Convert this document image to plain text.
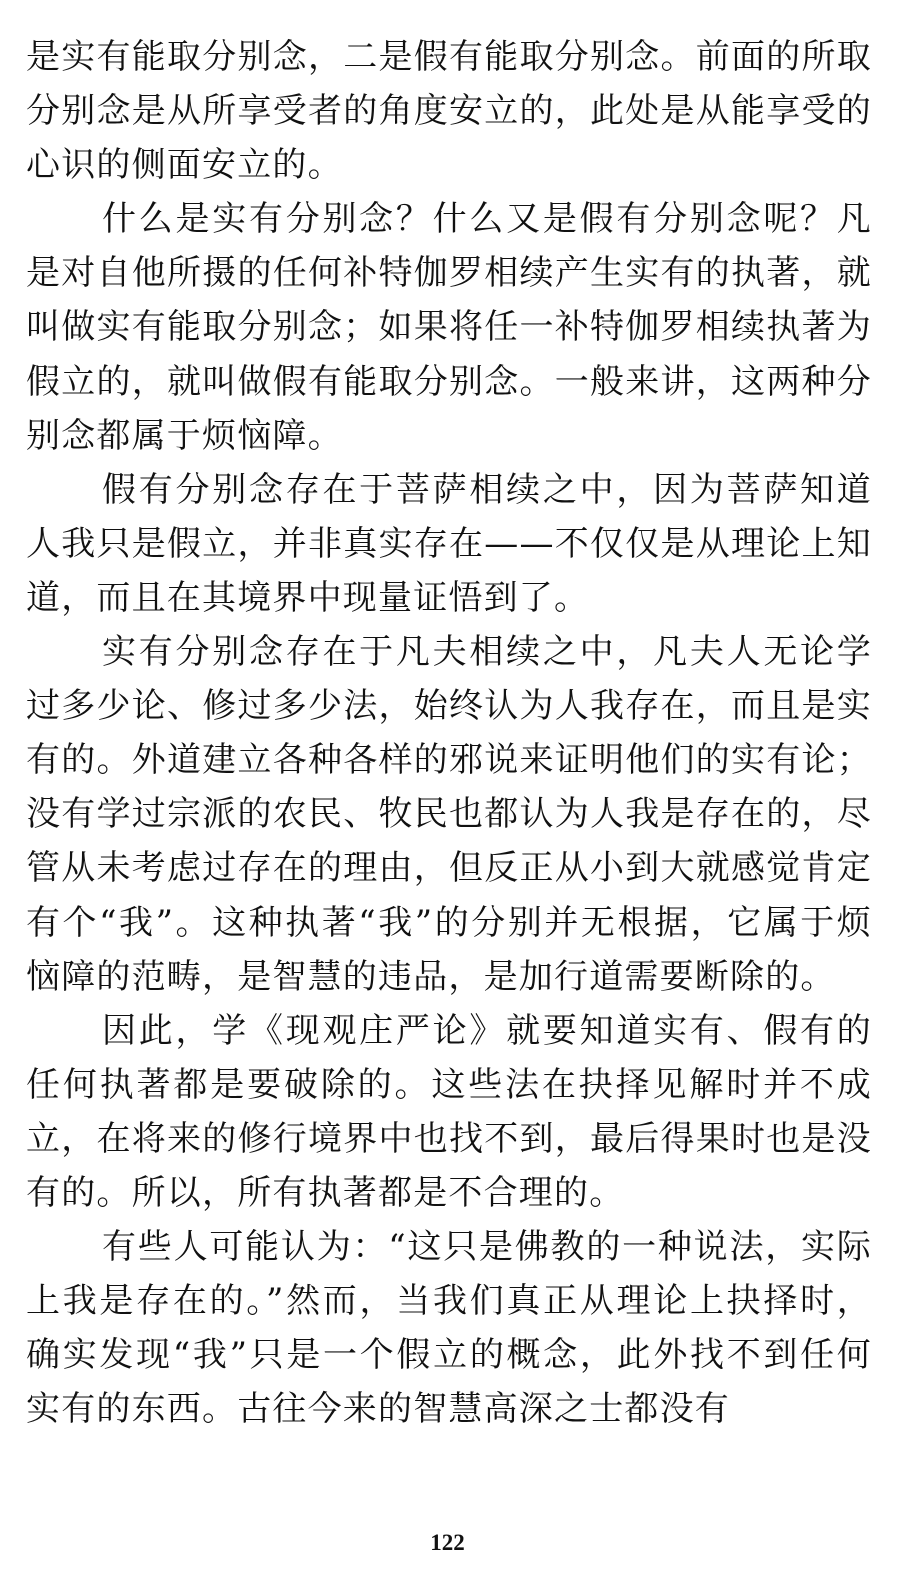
是实有能取分别念，二是假有能取分别念。前面的所取分别念是从所享受者的角度安立的，此处是从能享受的心识的侧面安立的。

什么是实有分别念？什么又是假有分别念呢？凡是对自他所摄的任何补特伽罗相续产生实有的执著，就叫做实有能取分别念；如果将任一补特伽罗相续执著为假立的，就叫做假有能取分别念。一般来讲，这两种分别念都属于烦恼障。

假有分别念存在于菩萨相续之中，因为菩萨知道人我只是假立，并非真实存在——不仅仅是从理论上知道，而且在其境界中现量证悟到了。

实有分别念存在于凡夫相续之中，凡夫人无论学过多少论、修过多少法，始终认为人我存在，而且是实有的。外道建立各种各样的邪说来证明他们的实有论；没有学过宗派的农民、牧民也都认为人我是存在的，尽管从未考虑过存在的理由，但反正从小到大就感觉肯定有个“我”。这种执著“我”的分别并无根据，它属于烦恼障的范畴，是智慧的违品，是加行道需要断除的。

因此，学《现观庄严论》就要知道实有、假有的任何执著都是要破除的。这些法在抉择见解时并不成立，在将来的修行境界中也找不到，最后得果时也是没有的。所以，所有执著都是不合理的。

有些人可能认为：“这只是佛教的一种说法，实际上我是存在的。”然而，当我们真正从理论上抉择时，确实发现“我”只是一个假立的概念，此外找不到任何实有的东西。古往今来的智慧高深之士都没有

122
